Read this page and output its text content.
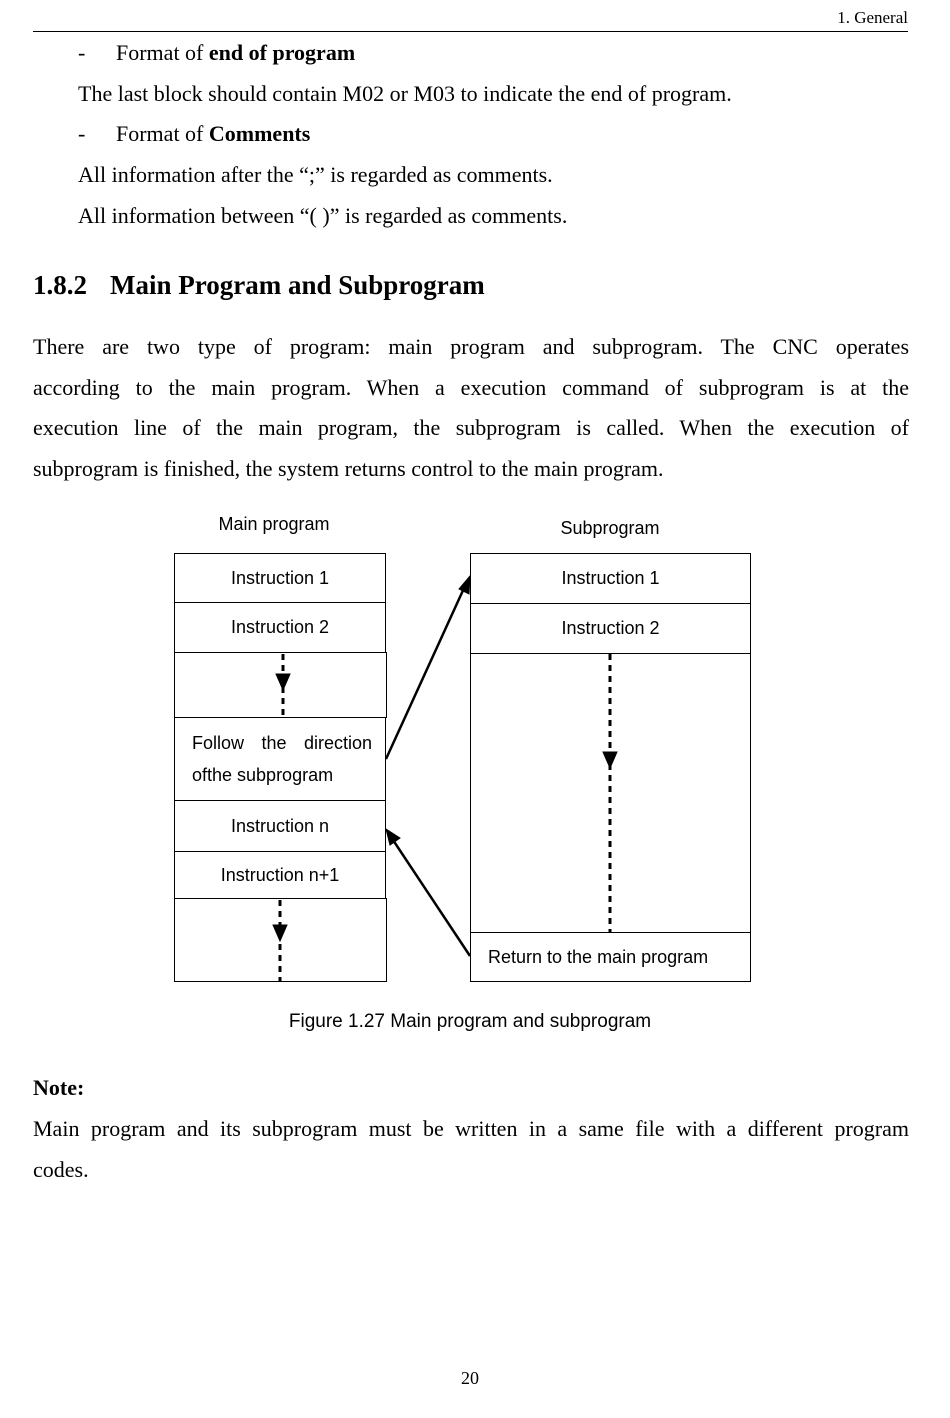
1. General
- Format of end of program
The last block should contain M02 or M03 to indicate the end of program.
- Format of Comments
All information after the “;” is regarded as comments.
All information between “( )” is regarded as comments.
1.8.2 Main Program and Subprogram
There are two type of program: main program and subprogram. The CNC operates
according to the main program. When a execution command of subprogram is at the
execution line of the main program, the subprogram is called. When the execution of
subprogram is finished, the system returns control to the main program.
Main program	Subprogram
Instruction 1
Instruction 2
Follow the direction
ofthe subprogram
Instruction n
Instruction n+1
Instruction 1
Instruction 2
Return to the main program
Figure 1.27 Main program and subprogram
Note:
Main program and its subprogram must be written in a same file with a different program
codes.
20
